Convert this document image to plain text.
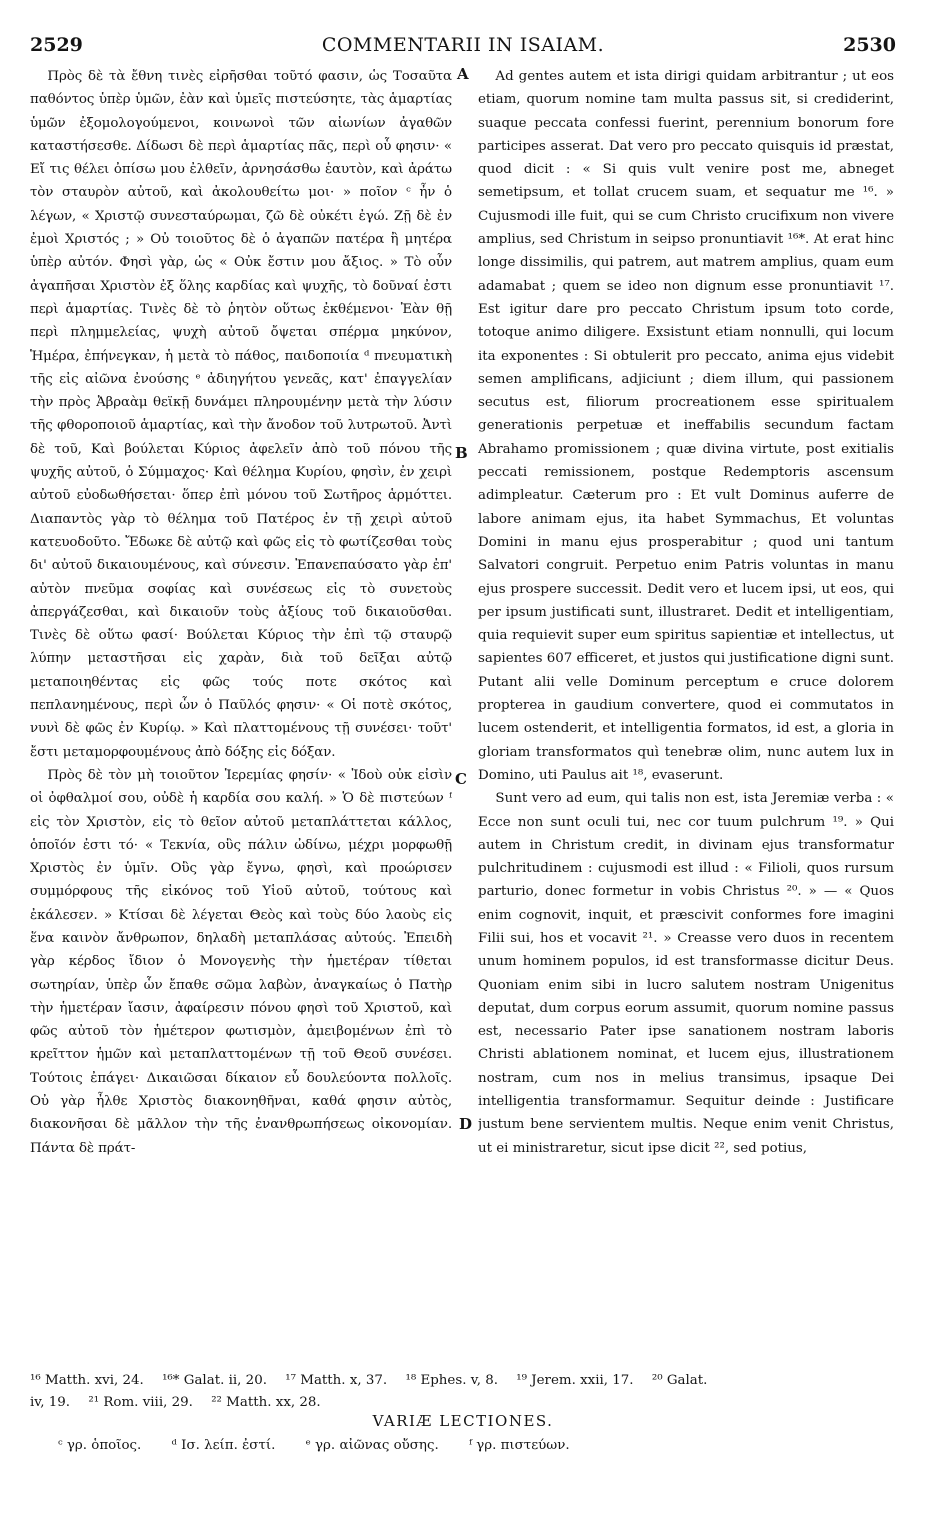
COMMENTARII IN ISAIAM.
2529	2530

Πρὸς δὲ τὰ ἔθνη τινὲς εἰρῆσθαι τοῦτό φασιν, ὡς Τοσαῦτα παθόντος ὑπὲρ ὑμῶν, ἐὰν καὶ ὑμεῖς πιστεύσητε, τὰς ἁμαρτίας ὑμῶν ἐξομολογούμενοι, κοινωνοὶ τῶν αἰωνίων ἀγαθῶν καταστήσεσθε. Δίδωσι δὲ περὶ ἁμαρτίας πᾶς, περὶ οὗ φησιν· « Εἴ τις θέλει ὀπίσω μου ἐλθεῖν, ἀρνησάσθω ἑαυτὸν, καὶ ἀράτω τὸν σταυρὸν αὐτοῦ, καὶ ἀκολουθείτω μοι· » ποῖον ᶜ ἦν ὁ λέγων, « Χριστῷ συνεσταύρωμαι, ζῶ δὲ οὐκέτι ἐγώ. Ζῇ δὲ ἐν ἐμοὶ Χριστός ; » Οὐ τοιοῦτος δὲ ὁ ἀγαπῶν πατέρα ἢ μητέρα ὑπὲρ αὐτόν. Φησὶ γὰρ, ὡς « Οὐκ ἔστιν μου ἄξιος. » Τὸ οὖν ἀγαπῆσαι Χριστὸν ἐξ ὅλης καρδίας καὶ ψυχῆς, τὸ δοῦναί ἐστι περὶ ἁμαρτίας. Τινὲς δὲ τὸ ῥητὸν οὕτως ἐκθέμενοι· Ἐὰν θῇ περὶ πλημμελείας, ψυχὴ αὐτοῦ ὄψεται σπέρμα μηκύνον, Ἡμέρα, ἐπήνεγκαν, ἡ μετὰ τὸ πάθος, παιδοποιία ᵈ πνευματικὴ τῆς εἰς αἰῶνα ἐνούσης ᵉ ἀδιηγήτου γενεᾶς, κατ' ἐπαγγελίαν τὴν πρὸς Ἀβραὰμ θεϊκῇ δυνάμει πληρουμένην μετὰ τὴν λύσιν τῆς φθοροποιοῦ ἁμαρτίας, καὶ τὴν ἄνοδον τοῦ λυτρωτοῦ. Ἀντὶ δὲ τοῦ, Καὶ βούλεται Κύριος ἀφελεῖν ἀπὸ τοῦ πόνου τῆς ψυχῆς αὐτοῦ, ὁ Σύμμαχος· Καὶ θέλημα Κυρίου, φησὶν, ἐν χειρὶ αὐτοῦ εὐοδωθήσεται· ὅπερ ἐπὶ μόνου τοῦ Σωτῆρος ἁρμόττει. Διαπαντὸς γὰρ τὸ θέλημα τοῦ Πατέρος ἐν τῇ χειρὶ αὐτοῦ κατευοδοῦτο. Ἔδωκε δὲ αὐτῷ καὶ φῶς εἰς τὸ φωτίζεσθαι τοὺς δι' αὐτοῦ δικαιουμένους, καὶ σύνεσιν. Ἐπανεπαύσατο γὰρ ἐπ' αὐτὸν πνεῦμα σοφίας καὶ συνέσεως εἰς τὸ συνετοὺς ἀπεργάζεσθαι, καὶ δικαιοῦν τοὺς ἀξίους τοῦ δικαιοῦσθαι. Τινὲς δὲ οὕτω φασί· Βούλεται Κύριος τὴν ἐπὶ τῷ σταυρῷ λύπην μεταστῆσαι εἰς χαρὰν, διὰ τοῦ δεῖξαι αὐτῷ μεταποιηθέντας εἰς φῶς τούς ποτε σκότος καὶ πεπλανημένους, περὶ ὧν ὁ Παῦλός φησιν· « Οἱ ποτὲ σκότος, νυνὶ δὲ φῶς ἐν Κυρίῳ. » Καὶ πλαττομένους τῇ συνέσει· τοῦτ' ἔστι μεταμορφουμένους ἀπὸ δόξης εἰς δόξαν.

Πρὸς δὲ τὸν μὴ τοιοῦτον Ἱερεμίας φησίν· « Ἰδοὺ οὐκ εἰσὶν οἱ ὀφθαλμοί σου, οὐδὲ ἡ καρδία σου καλή. » Ὁ δὲ πιστεύων ᶠ εἰς τὸν Χριστὸν, εἰς τὸ θεῖον αὐτοῦ μεταπλάττεται κάλλος, ὁποῖόν ἐστι τό· « Τεκνία, οὓς πάλιν ὠδίνω, μέχρι μορφωθῇ Χριστὸς ἐν ὑμῖν. Οὓς γὰρ ἔγνω, φησὶ, καὶ προώρισεν συμμόρφους τῆς εἰκόνος τοῦ Υἱοῦ αὐτοῦ, τούτους καὶ ἐκάλεσεν. » Κτίσαι δὲ λέγεται Θεὸς καὶ τοὺς δύο λαοὺς εἰς ἕνα καινὸν ἄνθρωπον, δηλαδὴ μεταπλάσας αὐτούς. Ἐπειδὴ γὰρ κέρδος ἴδιον ὁ Μονογενὴς τὴν ἡμετέραν τίθεται σωτηρίαν, ὑπὲρ ὧν ἔπαθε σῶμα λαβὼν, ἀναγκαίως ὁ Πατὴρ τὴν ἡμετέραν ἴασιν, ἀφαίρεσιν πόνου φησὶ τοῦ Χριστοῦ, καὶ φῶς αὐτοῦ τὸν ἡμέτερον φωτισμὸν, ἀμειβομένων ἐπὶ τὸ κρεῖττον ἡμῶν καὶ μεταπλαττομένων τῇ τοῦ Θεοῦ συνέσει. Τούτοις ἐπάγει· Δικαιῶσαι δίκαιον εὖ δουλεύοντα πολλοῖς. Οὐ γὰρ ἦλθε Χριστὸς διακονηθῆναι, καθά φησιν αὐτὸς, διακονῆσαι δὲ μᾶλλον τὴν τῆς ἐνανθρωπήσεως οἰκονομίαν. Πάντα δὲ πράτ-

A
B
C
D

Ad gentes autem et ista dirigi quidam arbitrantur ; ut eos etiam, quorum nomine tam multa passus sit, si crediderint, suaque peccata confessi fuerint, perennium bonorum fore participes asserat. Dat vero pro peccato quisquis id præstat, quod dicit : « Si quis vult venire post me, abneget semetipsum, et tollat crucem suam, et sequatur me ¹⁶. » Cujusmodi ille fuit, qui se cum Christo crucifixum non vivere amplius, sed Christum in seipso pronuntiavit ¹⁶*. At erat hinc longe dissimilis, qui patrem, aut matrem amplius, quam eum adamabat ; quem se ideo non dignum esse pronuntiavit ¹⁷. Est igitur dare pro peccato Christum ipsum toto corde, totoque animo diligere. Exsistunt etiam nonnulli, qui locum ita exponentes : Si obtulerit pro peccato, anima ejus videbit semen amplificans, adjiciunt ; diem illum, qui passionem secutus est, filiorum procreationem esse spiritualem generationis perpetuæ et ineffabilis secundum factam Abrahamo promissionem ; quæ divina virtute, post exitialis peccati remissionem, postque Redemptoris ascensum adimpleatur. Cæterum pro : Et vult Dominus auferre de labore animam ejus, ita habet Symmachus, Et voluntas Domini in manu ejus prosperabitur ; quod uni tantum Salvatori congruit. Perpetuo enim Patris voluntas in manu ejus prospere successit. Dedit vero et lucem ipsi, ut eos, qui per ipsum justificati sunt, illustraret. Dedit et intelligentiam, quia requievit super eum spiritus sapientiæ et intellectus, ut sapientes 607 efficeret, et justos qui justificatione digni sunt. Putant alii velle Dominum perceptum e cruce dolorem propterea in gaudium convertere, quod ei commutatos in lucem ostenderit, et intelligentia formatos, id est, a gloria in gloriam transformatos quì tenebræ olim, nunc autem lux in Domino, uti Paulus ait ¹⁸, evaserunt.

Sunt vero ad eum, qui talis non est, ista Jeremiæ verba : « Ecce non sunt oculi tui, nec cor tuum pulchrum ¹⁹. » Qui autem in Christum credit, in divinam ejus transformatur pulchritudinem : cujusmodi est illud : « Filioli, quos rursum parturio, donec formetur in vobis Christus ²⁰. » — « Quos enim cognovit, inquit, et præscivit conformes fore imagini Filii sui, hos et vocavit ²¹. » Creasse vero duos in recentem unum hominem populos, id est transformasse dicitur Deus. Quoniam enim sibi in lucro salutem nostram Unigenitus deputat, dum corpus eorum assumit, quorum nomine passus est, necessario Pater ipse sanationem nostram laboris Christi ablationem nominat, et lucem ejus, illustrationem nostram, cum nos in melius transimus, ipsaque Dei intelligentia transformamur. Sequitur deinde : Justificare justum bene servientem multis. Neque enim venit Christus, ut ei ministraretur, sicut ipse dicit ²², sed potius,

¹⁶ Matth. xvi, 24. ¹⁶* Galat. ii, 20. ¹⁷ Matth. x, 37. ¹⁸ Ephes. v, 8. ¹⁹ Jerem. xxii, 17. ²⁰ Galat.
iv, 19. ²¹ Rom. viii, 29. ²² Matth. xx, 28.
VARIÆ LECTIONES.
ᶜ γρ. ὁποῖος. ᵈ Ισ. λείπ. ἐστί. ᵉ γρ. αἰῶνας οὔσης. ᶠ γρ. πιστεύων.
